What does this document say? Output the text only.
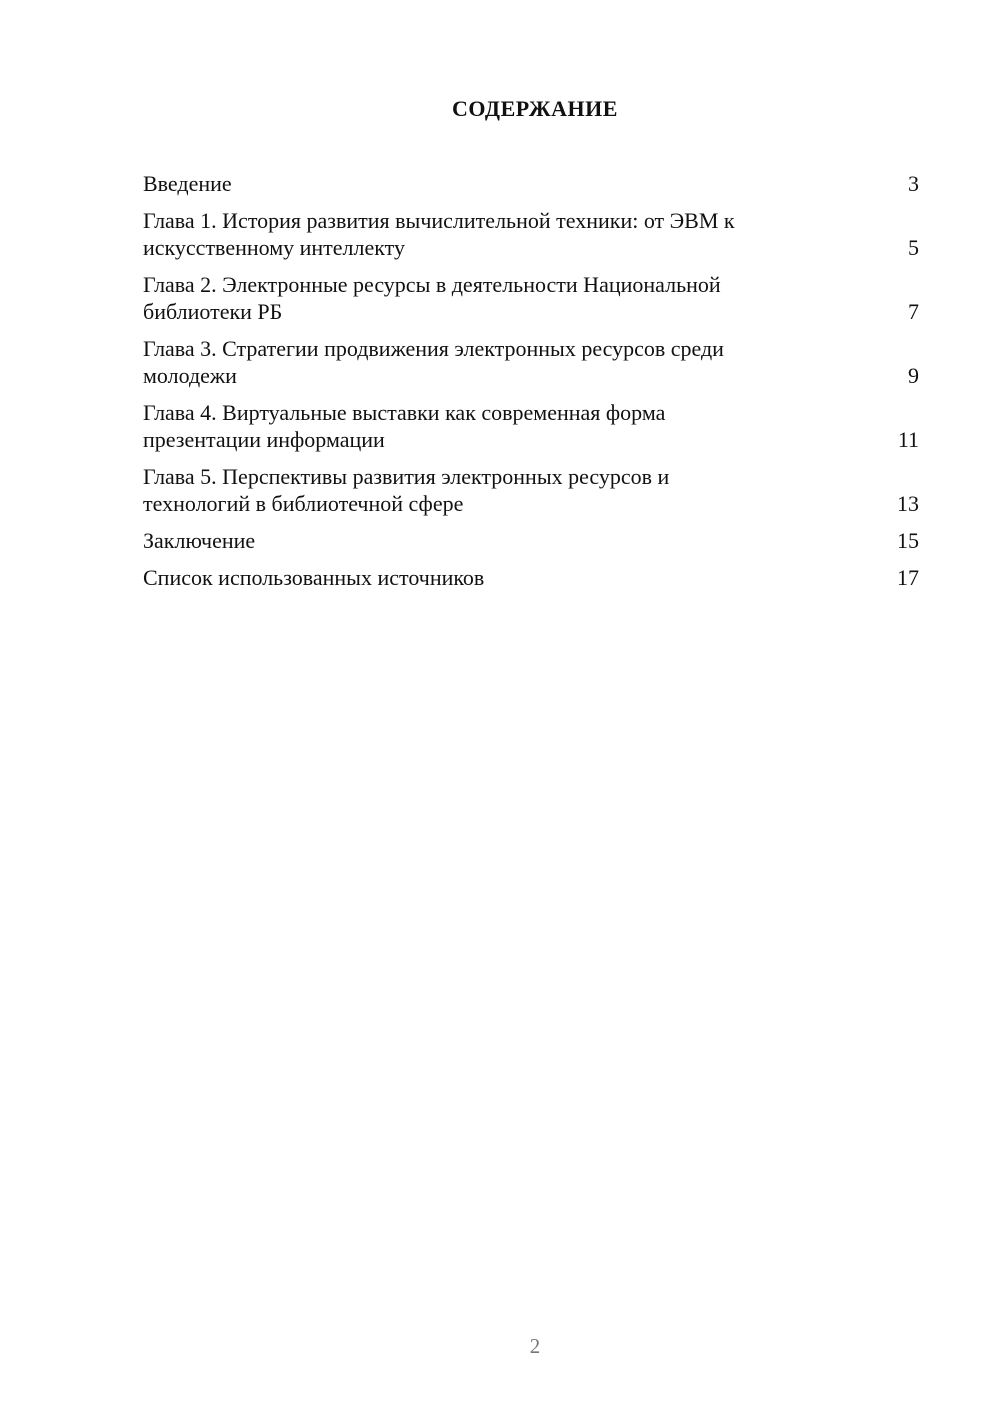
СОДЕРЖАНИЕ
Введение	3
Глава 1. История развития вычислительной техники: от ЭВМ к
искусственному интеллекту	5
Глава 2. Электронные ресурсы в деятельности Национальной
библиотеки РБ	7
Глава 3. Стратегии продвижения электронных ресурсов среди
молодежи	9
Глава 4. Виртуальные выставки как современная форма
презентации информации	11
Глава 5. Перспективы развития электронных ресурсов и
технологий в библиотечной сфере	13
Заключение	15
Список использованных источников	17
2
